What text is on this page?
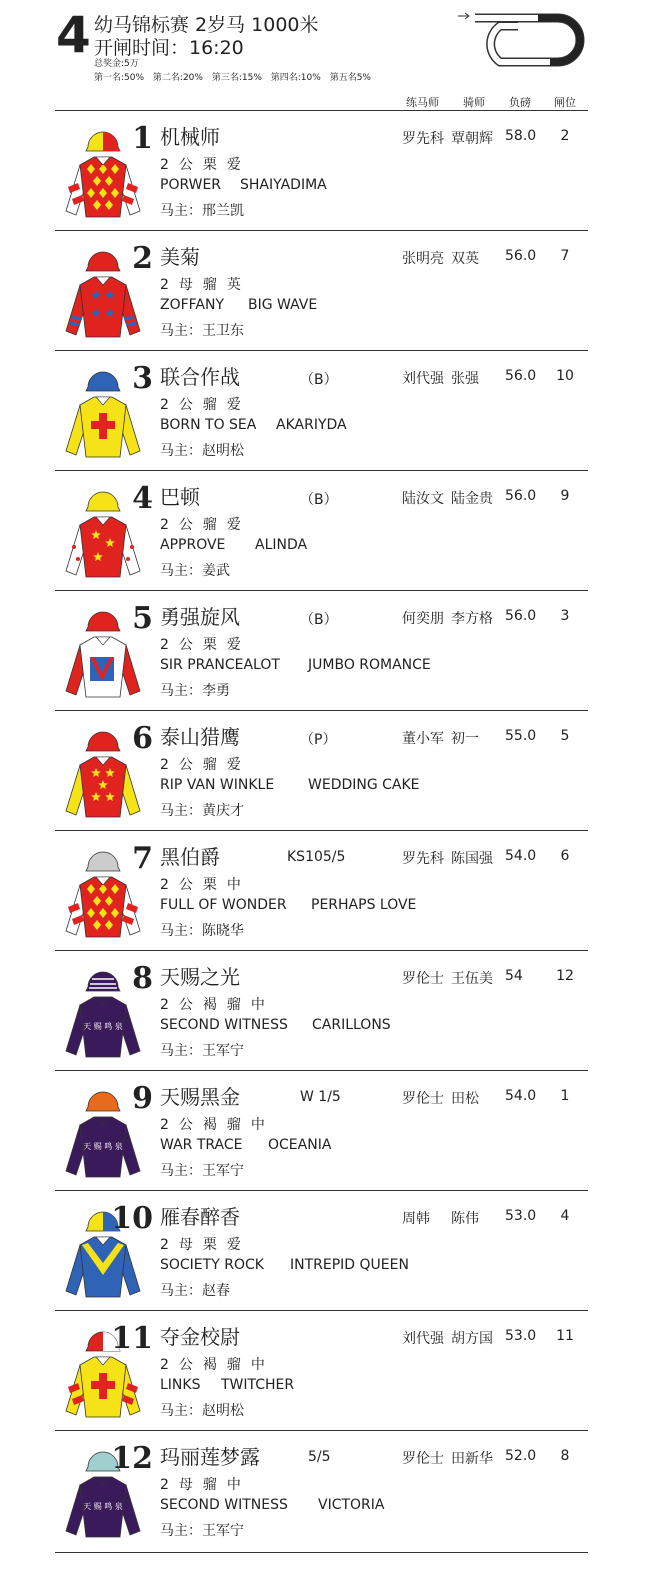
4 幼马锦标赛 2岁马 1000米
开闸时间：16:20
总奖金:5万
第一名:50% 第二名:20% 第三名:15% 第四名:10% 第五名5%
练马师 骑师 负磅 闸位
1 机械师	罗先科 覃朝辉 58.0	2
2公栗爱
PORWER SHAIYADIMA
马主：邢兰凯
2 美菊	张明亮 双英 56.0	7
2母骝英
ZOFFANY BIG WAVE
马主：王卫东
3 联合作战	（B）	刘代强 张强 56.0 10
2公骝爱
BORN TO SEA AKARIYDA
马主：赵明松
4 巴顿	（B）	陆汝文 陆金贵 56.0	9
2公骝爱
APPROVE ALINDA
马主：姜武
5 勇强旋风	（B）	何奕朋 李方格 56.0	3
2公栗爱
SIR PRANCEALOT JUMBO ROMANCE
马主：李勇
6 泰山猎鹰	（P）	董小军 初一 55.0	5
2公骝爱
RIP VAN WINKLE WEDDING CAKE
马主：黄庆才
7 黑伯爵	KS105/5	罗先科 陈国强 54.0	6
2公栗中
FULL OF WONDER PERHAPS LOVE
马主：陈晓华
天 赐 鸣 泉
8 天赐之光	罗伦士 王伍美 54 12
2公褐骝中
SECOND WITNESS CARILLONS
马主：王军宁
天 赐 鸣 泉
9 天赐黑金	W 1/5	罗伦士 田松 54.0	1
2公褐骝中
WAR TRACE OCEANIA
马主：王军宁
10 雁春醉香	周韩 陈伟 53.0	4
2母栗爱
SOCIETY ROCK INTREPID QUEEN
马主：赵春
11 夺金校尉	刘代强 胡方国 53.0 11
2公褐骝中
LINKS TWITCHER
马主：赵明松
天 赐 鸣 泉
12 玛丽莲梦露	5/5	罗伦士 田新华 52.0	8
2母骝中
SECOND WITNESS VICTORIA
马主：王军宁
